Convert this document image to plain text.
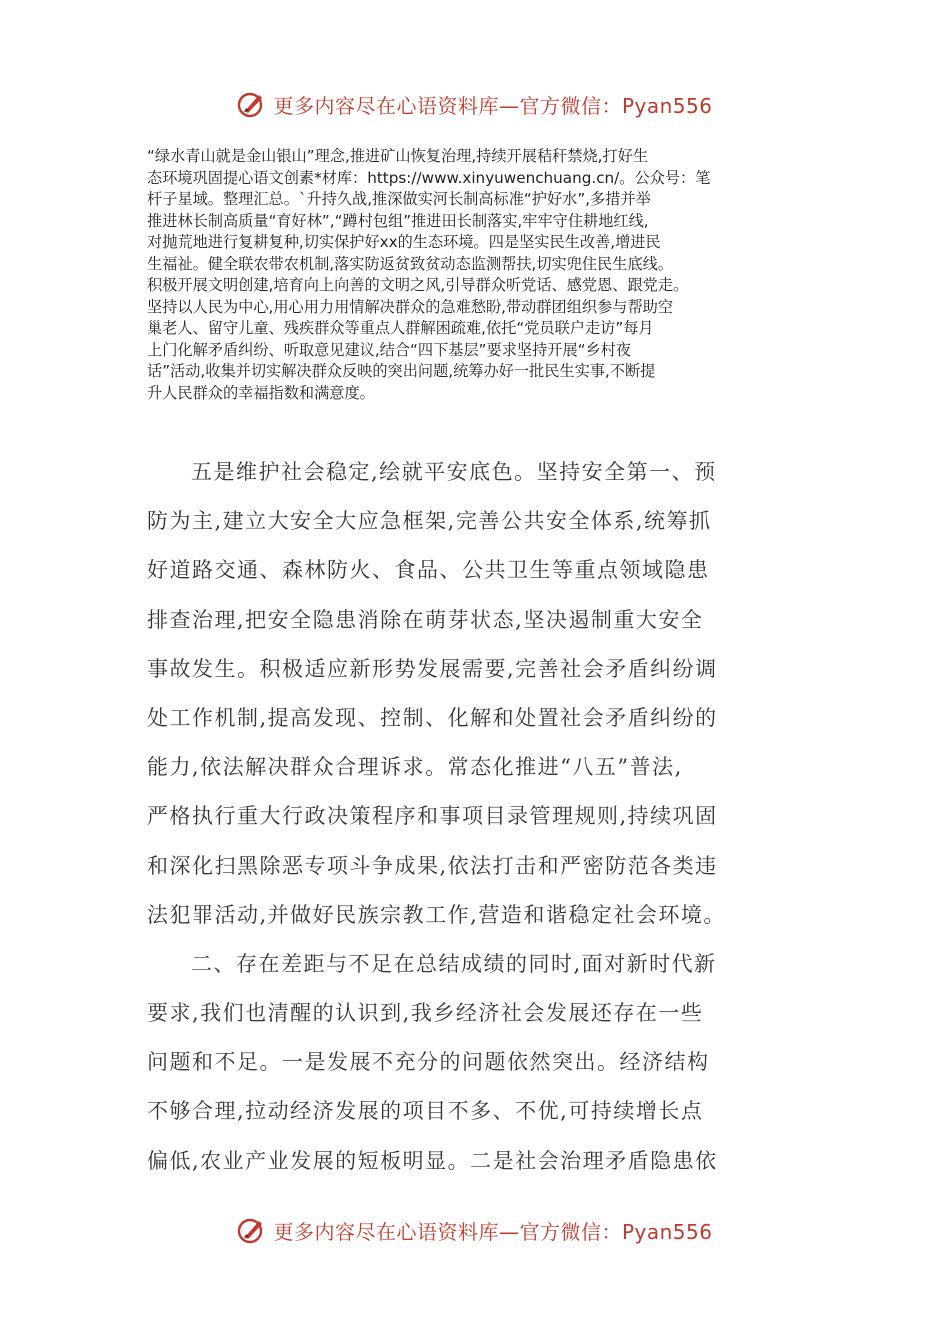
更多内容尽在心语资料库—官方微信：Pyan556
“绿水青山就是金山银山”理念,推进矿山恢复治理,持续开展秸秆禁烧,打好生
态环境巩固提心语文创素*材库：https://www.xinyuwenchuang.cn/。公众号：笔
杆子星域。整理汇总。`升持久战,推深做实河长制高标准“护好水”,多措并举
推进林长制高质量“育好林”,“蹲村包组”推进田长制落实,牢牢守住耕地红线,
对抛荒地进行复耕复种,切实保护好xx的生态环境。四是坚实民生改善,增进民
生福祉。健全联农带农机制,落实防返贫致贫动态监测帮扶,切实兜住民生底线。
积极开展文明创建,培育向上向善的文明之风,引导群众听党话、感党恩、跟党走。
坚持以人民为中心,用心用力用情解决群众的急难愁盼,带动群团组织参与帮助空
巢老人、留守儿童、残疾群众等重点人群解困疏难,依托“党员联户走访”每月
上门化解矛盾纠纷、听取意见建议,结合“四下基层”要求坚持开展“乡村夜
话”活动,收集并切实解决群众反映的突出问题,统筹办好一批民生实事,不断提
升人民群众的幸福指数和满意度。
五是维护社会稳定,绘就平安底色。坚持安全第一、预
防为主,建立大安全大应急框架,完善公共安全体系,统筹抓
好道路交通、森林防火、食品、公共卫生等重点领域隐患
排查治理,把安全隐患消除在萌芽状态,坚决遏制重大安全
事故发生。积极适应新形势发展需要,完善社会矛盾纠纷调
处工作机制,提高发现、控制、化解和处置社会矛盾纠纷的
能力,依法解决群众合理诉求。常态化推进“八五”普法,
严格执行重大行政决策程序和事项目录管理规则,持续巩固
和深化扫黑除恶专项斗争成果,依法打击和严密防范各类违
法犯罪活动,并做好民族宗教工作,营造和谐稳定社会环境。
二、存在差距与不足在总结成绩的同时,面对新时代新
要求,我们也清醒的认识到,我乡经济社会发展还存在一些
问题和不足。一是发展不充分的问题依然突出。经济结构
不够合理,拉动经济发展的项目不多、不优,可持续增长点
偏低,农业产业发展的短板明显。二是社会治理矛盾隐患依
更多内容尽在心语资料库—官方微信：Pyan556
